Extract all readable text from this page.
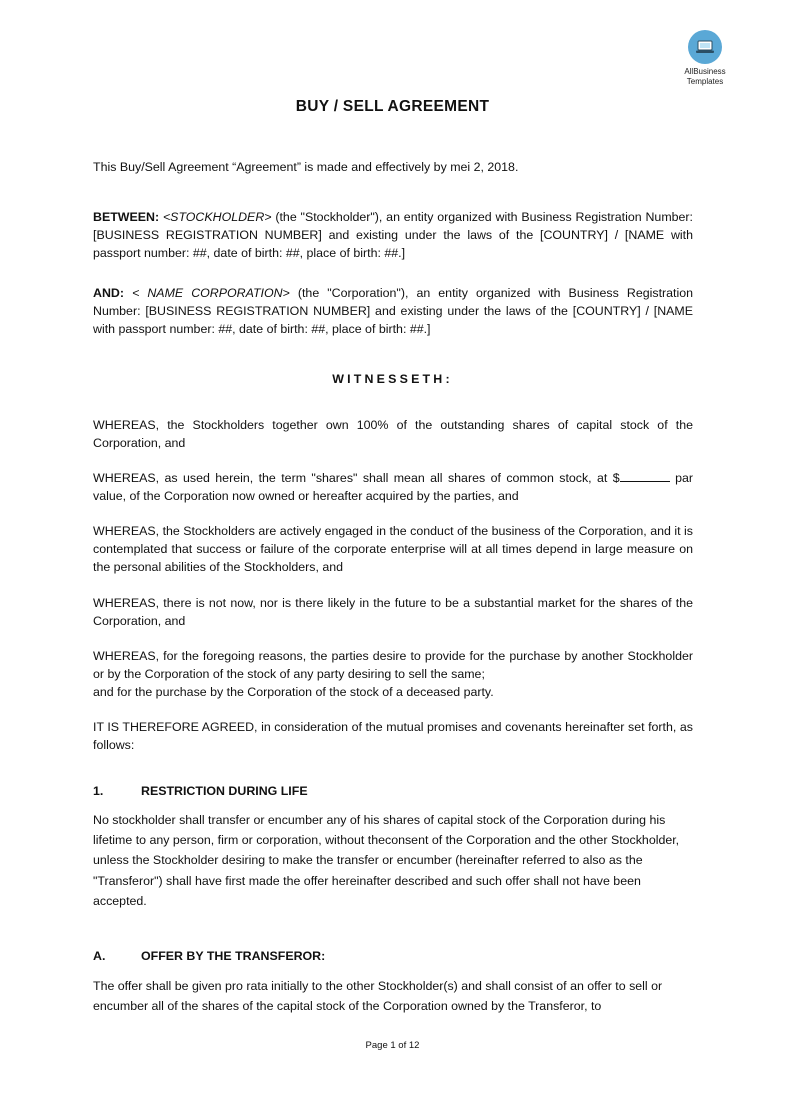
AllBusiness
Templates
BUY / SELL AGREEMENT

This Buy/Sell Agreement “Agreement” is made and effectively by mei 2, 2018.

BETWEEN: <STOCKHOLDER> (the "Stockholder"), an entity organized with Business Registration Number: [BUSINESS REGISTRATION NUMBER] and existing under the laws of the [COUNTRY] / [NAME with passport number: ##, date of birth: ##, place of birth: ##.]

AND: < NAME CORPORATION> (the "Corporation"), an entity organized with Business Registration Number: [BUSINESS REGISTRATION NUMBER] and existing under the laws of the [COUNTRY] / [NAME with passport number: ##, date of birth: ##, place of birth: ##.]

WITNESSETH:

WHEREAS, the Stockholders together own 100% of the outstanding shares of capital stock of the Corporation, and

WHEREAS, as used herein, the term "shares" shall mean all shares of common stock, at $	par value, of the Corporation now owned or hereafter acquired by the parties, and

WHEREAS, the Stockholders are actively engaged in the conduct of the business of the Corporation, and it is contemplated that success or failure of the corporate enterprise will at all times depend in large measure on the personal abilities of the Stockholders, and

WHEREAS, there is not now, nor is there likely in the future to be a substantial market for the shares of the Corporation, and

WHEREAS, for the foregoing reasons, the parties desire to provide for the purchase by another Stockholder or by the Corporation of the stock of any party desiring to sell the same;
and for the purchase by the Corporation of the stock of a deceased party.

IT IS THEREFORE AGREED, in consideration of the mutual promises and covenants hereinafter set forth, as follows:

1.	RESTRICTION DURING LIFE

No stockholder shall transfer or encumber any of his shares of capital stock of the Corporation during his lifetime to any person, firm or corporation, without theconsent of the Corporation and the other Stockholder, unless the Stockholder desiring to make the transfer or encumber (hereinafter referred to also as the "Transferor") shall have first made the offer hereinafter described and such offer shall not have been accepted.

A.	OFFER BY THE TRANSFEROR:

The offer shall be given pro rata initially to the other Stockholder(s) and shall consist of an offer to sell or encumber all of the shares of the capital stock of the Corporation owned by the Transferor, to

Page 1 of 12
